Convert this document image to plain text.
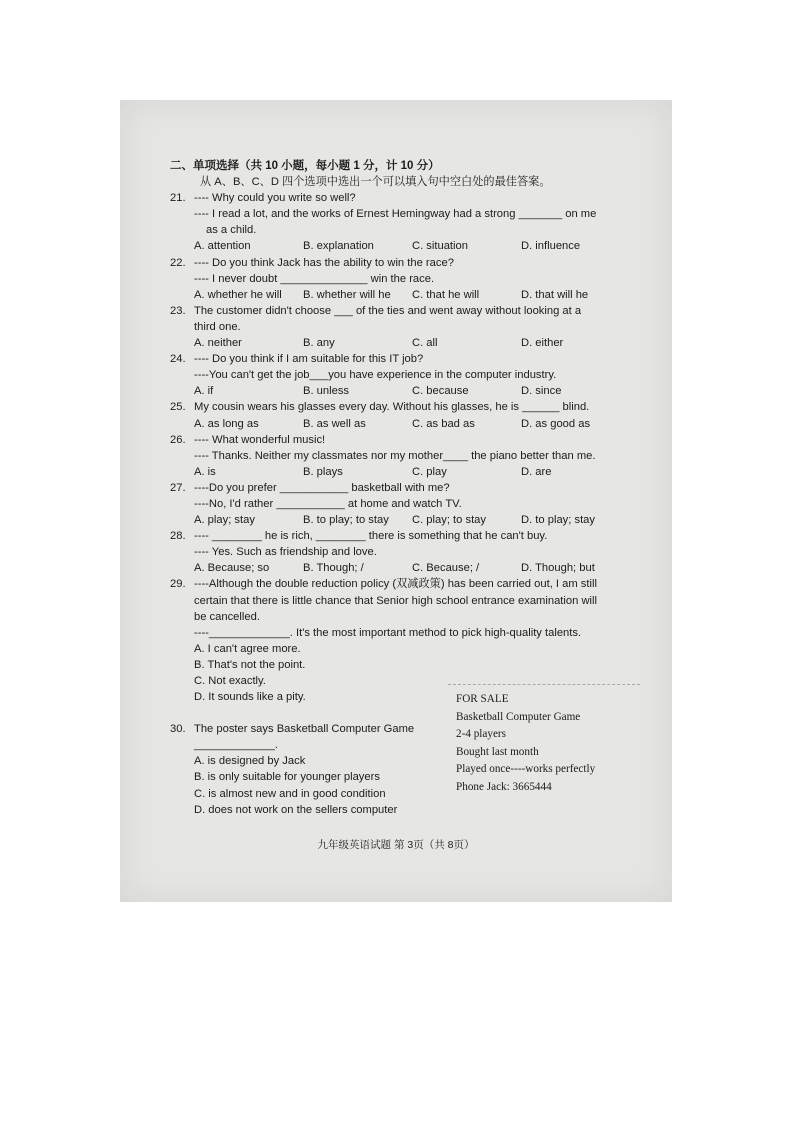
二、单项选择（共 10 小题，每小题 1 分，计 10 分）
从 A、B、C、D 四个选项中选出一个可以填入句中空白处的最佳答案。
21. ---- Why could you write so well?
---- I read a lot, and the works of Ernest Hemingway had a strong _______ on me
as a child.
A. attention	B. explanation	C. situation	D. influence
22. ---- Do you think Jack has the ability to win the race?
---- I never doubt ______________ win the race.
A. whether he will	B. whether will he	C. that he will	D. that will he
23. The customer didn't choose ___ of the ties and went away without looking at a
third one.
A. neither	B. any	C. all	D. either
24. ---- Do you think if I am suitable for this IT job?
----You can't get the job___you have experience in the computer industry.
A. if	B. unless	C. because	D. since
25. My cousin wears his glasses every day. Without his glasses, he is ______ blind.
A. as long as	B. as well as	C. as bad as	D. as good as
26. ---- What wonderful music!
---- Thanks. Neither my classmates nor my mother____ the piano better than me.
A. is	B. plays	C. play	D. are
27. ----Do you prefer ___________ basketball with me?
----No, I'd rather ___________ at home and watch TV.
A. play; stay	B. to play; to stay	C. play; to stay	D. to play; stay
28. ---- ________ he is rich, ________ there is something that he can't buy.
---- Yes. Such as friendship and love.
A. Because; so	B. Though; /	C. Because; /	D. Though; but
29. ----Although the double reduction policy (双减政策) has been carried out, I am still
certain that there is little chance that Senior high school entrance examination will
be cancelled.
----_____________. It's the most important method to pick high-quality talents.
A. I can't agree more.
B. That's not the point.
C. Not exactly.
D. It sounds like a pity.
30. The poster says Basketball Computer Game
_____________.
A. is designed by Jack
B. is only suitable for younger players
C. is almost new and in good condition
D. does not work on the sellers computer
FOR SALE
Basketball Computer Game
2-4 players
Bought last month
Played once----works perfectly
Phone Jack: 3665444
九年级英语试题 第 3页（共 8页）
